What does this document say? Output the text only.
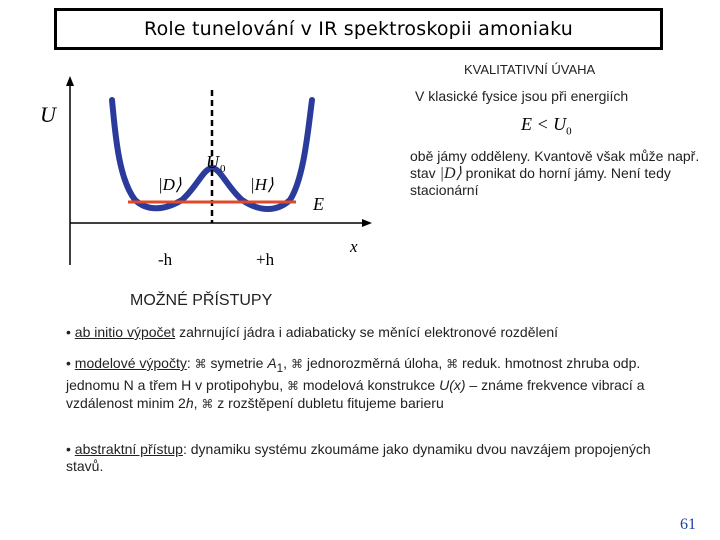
Role tunelování v IR spektroskopii amoniaku
U
U 0
|D⟩	|H⟩
E
-h	+h
x
KVALITATIVNÍ ÚVAHA
V klasické fysice jsou při energiích
$E < U_0$
obě jámy odděleny. Kvantově však může např. stav |D⟩ pronikat do horní jámy. Není tedy stacionární
MOŽNÉ PŘÍSTUPY
• ab initio výpočet zahrnující jádra i adiabaticky se měnící elektronové rozdělení
• modelové výpočty: ⌘ symetrie $A_1$, ⌘ jednorozměrná úloha, ⌘ reduk. hmotnost zhruba odp. jednomu N a třem H v protipohybu, ⌘ modelová konstrukce U(x) – známe frekvence vibrací a vzdálenost minim 2h, ⌘ z rozštěpení dubletu fitujeme barieru
• abstraktní přístup: dynamiku systému zkoumáme jako dynamiku dvou navzájem propojených stavů.
61
